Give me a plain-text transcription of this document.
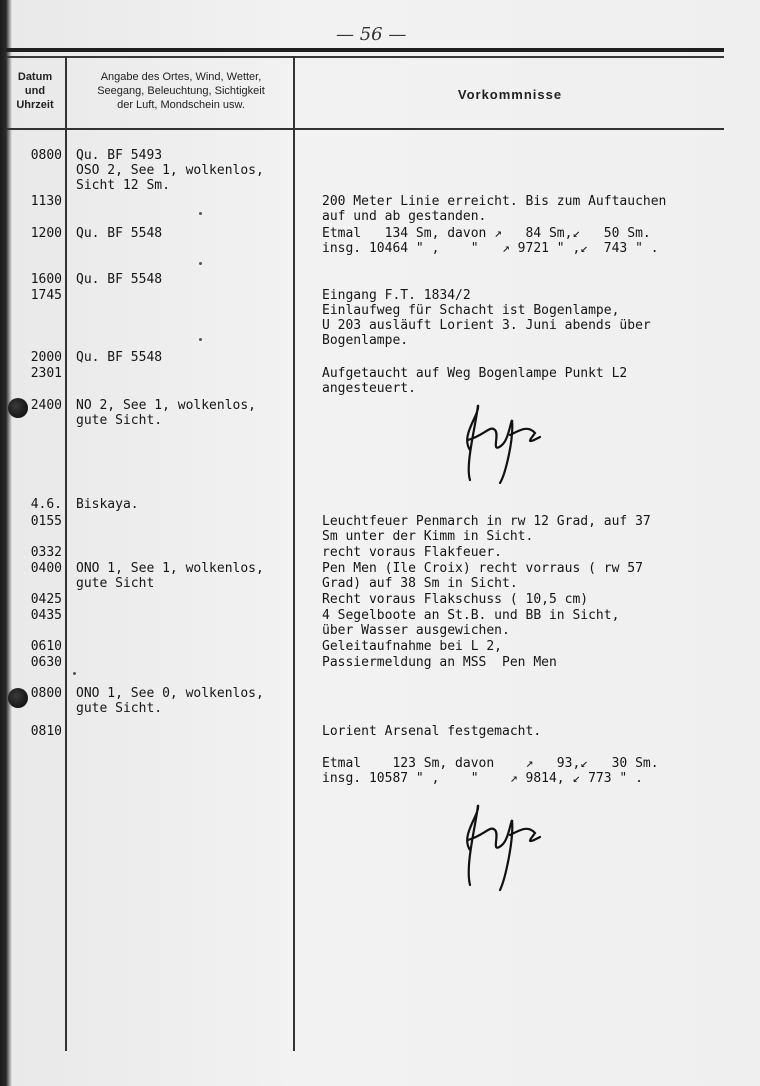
— 56 —
Datum
und
Uhrzeit
Angabe des Ortes, Wind, Wetter,
Seegang, Beleuchtung, Sichtigkeit
der Luft, Mondschein usw.
Vorkommnisse
0800
1130
1200
1600
1745
2000
2301
2400
4.6.
0155
0332
0400
0425
0435
0610
0630
0800
0810
Qu. BF 5493
OSO 2, See 1, wolkenlos,
Sicht 12 Sm.
Qu. BF 5548
Qu. BF 5548
Qu. BF 5548
NO 2, See 1, wolkenlos,
gute Sicht.
Biskaya.
ONO 1, See 1, wolkenlos,
gute Sicht
ONO 1, See 0, wolkenlos,
gute Sicht.
200 Meter Linie erreicht. Bis zum Auftauchen
auf und ab gestanden.
Etmal   134 Sm, davon ↗   84 Sm,↙   50 Sm.
insg. 10464 " ,    "   ↗ 9721 " ,↙  743 " .
Eingang F.T. 1834/2
Einlaufweg für Schacht ist Bogenlampe,
U 203 ausläuft Lorient 3. Juni abends über
Bogenlampe.
Aufgetaucht auf Weg Bogenlampe Punkt L2
angesteuert.
Leuchtfeuer Penmarch in rw 12 Grad, auf 37
Sm unter der Kimm in Sicht.
recht voraus Flakfeuer.
Pen Men (Ile Croix) recht vorraus ( rw 57
Grad) auf 38 Sm in Sicht.
Recht voraus Flakschuss ( 10,5 cm)
4 Segelboote an St.B. und BB in Sicht,
über Wasser ausgewichen.
Geleitaufnahme bei L 2,
Passiermeldung an MSS  Pen Men
Lorient Arsenal festgemacht.
Etmal    123 Sm, davon    ↗   93,↙   30 Sm.
insg. 10587 " ,    "    ↗ 9814, ↙ 773 " .
